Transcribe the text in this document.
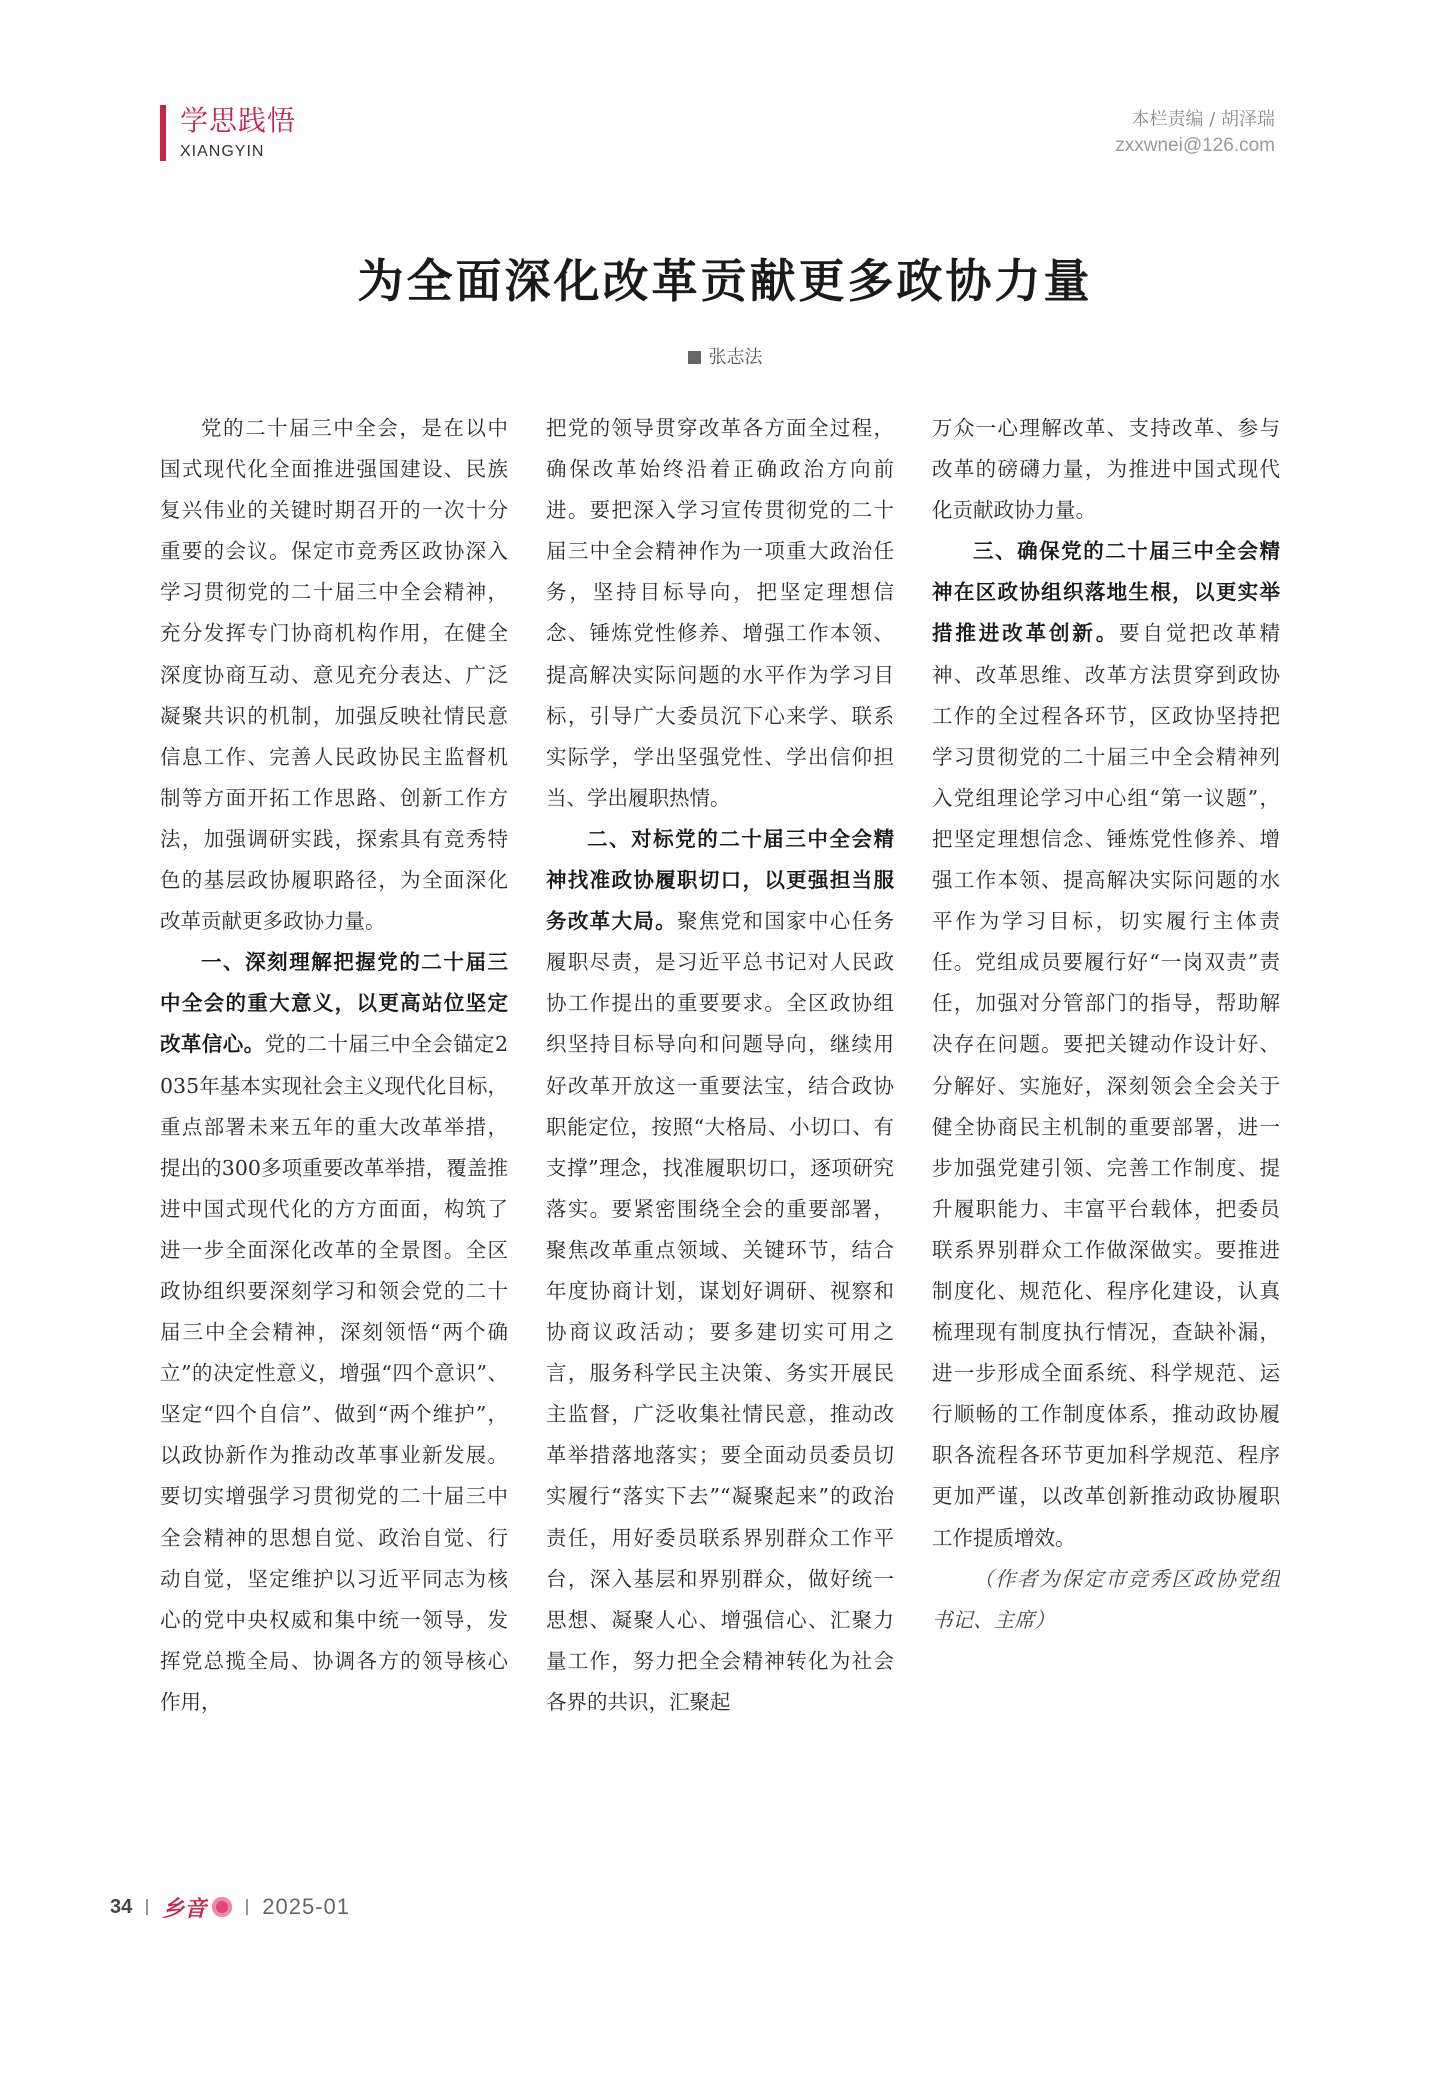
学思践悟
XIANGYIN
本栏责编 / 胡泽瑞
zxxwnei@126.com
为全面深化改革贡献更多政协力量
张志法

党的二十届三中全会，是在以中国式现代化全面推进强国建设、民族复兴伟业的关键时期召开的一次十分重要的会议。保定市竞秀区政协深入学习贯彻党的二十届三中全会精神，充分发挥专门协商机构作用，在健全深度协商互动、意见充分表达、广泛凝聚共识的机制，加强反映社情民意信息工作、完善人民政协民主监督机制等方面开拓工作思路、创新工作方法，加强调研实践，探索具有竞秀特色的基层政协履职路径，为全面深化改革贡献更多政协力量。

一、深刻理解把握党的二十届三中全会的重大意义，以更高站位坚定改革信心。党的二十届三中全会锚定2035年基本实现社会主义现代化目标，重点部署未来五年的重大改革举措，提出的300多项重要改革举措，覆盖推进中国式现代化的方方面面，构筑了进一步全面深化改革的全景图。全区政协组织要深刻学习和领会党的二十届三中全会精神，深刻领悟“两个确立”的决定性意义，增强“四个意识”、坚定“四个自信”、做到“两个维护”，以政协新作为推动改革事业新发展。要切实增强学习贯彻党的二十届三中全会精神的思想自觉、政治自觉、行动自觉，坚定维护以习近平同志为核心的党中央权威和集中统一领导，发挥党总揽全局、协调各方的领导核心作用，

把党的领导贯穿改革各方面全过程，确保改革始终沿着正确政治方向前进。要把深入学习宣传贯彻党的二十届三中全会精神作为一项重大政治任务，坚持目标导向，把坚定理想信念、锤炼党性修养、增强工作本领、提高解决实际问题的水平作为学习目标，引导广大委员沉下心来学、联系实际学，学出坚强党性、学出信仰担当、学出履职热情。

二、对标党的二十届三中全会精神找准政协履职切口，以更强担当服务改革大局。聚焦党和国家中心任务履职尽责，是习近平总书记对人民政协工作提出的重要要求。全区政协组织坚持目标导向和问题导向，继续用好改革开放这一重要法宝，结合政协职能定位，按照“大格局、小切口、有支撑”理念，找准履职切口，逐项研究落实。要紧密围绕全会的重要部署，聚焦改革重点领域、关键环节，结合年度协商计划，谋划好调研、视察和协商议政活动；要多建切实可用之言，服务科学民主决策、务实开展民主监督，广泛收集社情民意，推动改革举措落地落实；要全面动员委员切实履行“落实下去”“凝聚起来”的政治责任，用好委员联系界别群众工作平台，深入基层和界别群众，做好统一思想、凝聚人心、增强信心、汇聚力量工作，努力把全会精神转化为社会各界的共识，汇聚起

万众一心理解改革、支持改革、参与改革的磅礴力量，为推进中国式现代化贡献政协力量。

三、确保党的二十届三中全会精神在区政协组织落地生根，以更实举措推进改革创新。要自觉把改革精神、改革思维、改革方法贯穿到政协工作的全过程各环节，区政协坚持把学习贯彻党的二十届三中全会精神列入党组理论学习中心组“第一议题”，把坚定理想信念、锤炼党性修养、增强工作本领、提高解决实际问题的水平作为学习目标，切实履行主体责任。党组成员要履行好“一岗双责”责任，加强对分管部门的指导，帮助解决存在问题。要把关键动作设计好、分解好、实施好，深刻领会全会关于健全协商民主机制的重要部署，进一步加强党建引领、完善工作制度、提升履职能力、丰富平台载体，把委员联系界别群众工作做深做实。要推进制度化、规范化、程序化建设，认真梳理现有制度执行情况，查缺补漏，进一步形成全面系统、科学规范、运行顺畅的工作制度体系，推动政协履职各流程各环节更加科学规范、程序更加严谨，以改革创新推动政协履职工作提质增效。

（作者为保定市竞秀区政协党组书记、主席）

34 乡音	2025-01
